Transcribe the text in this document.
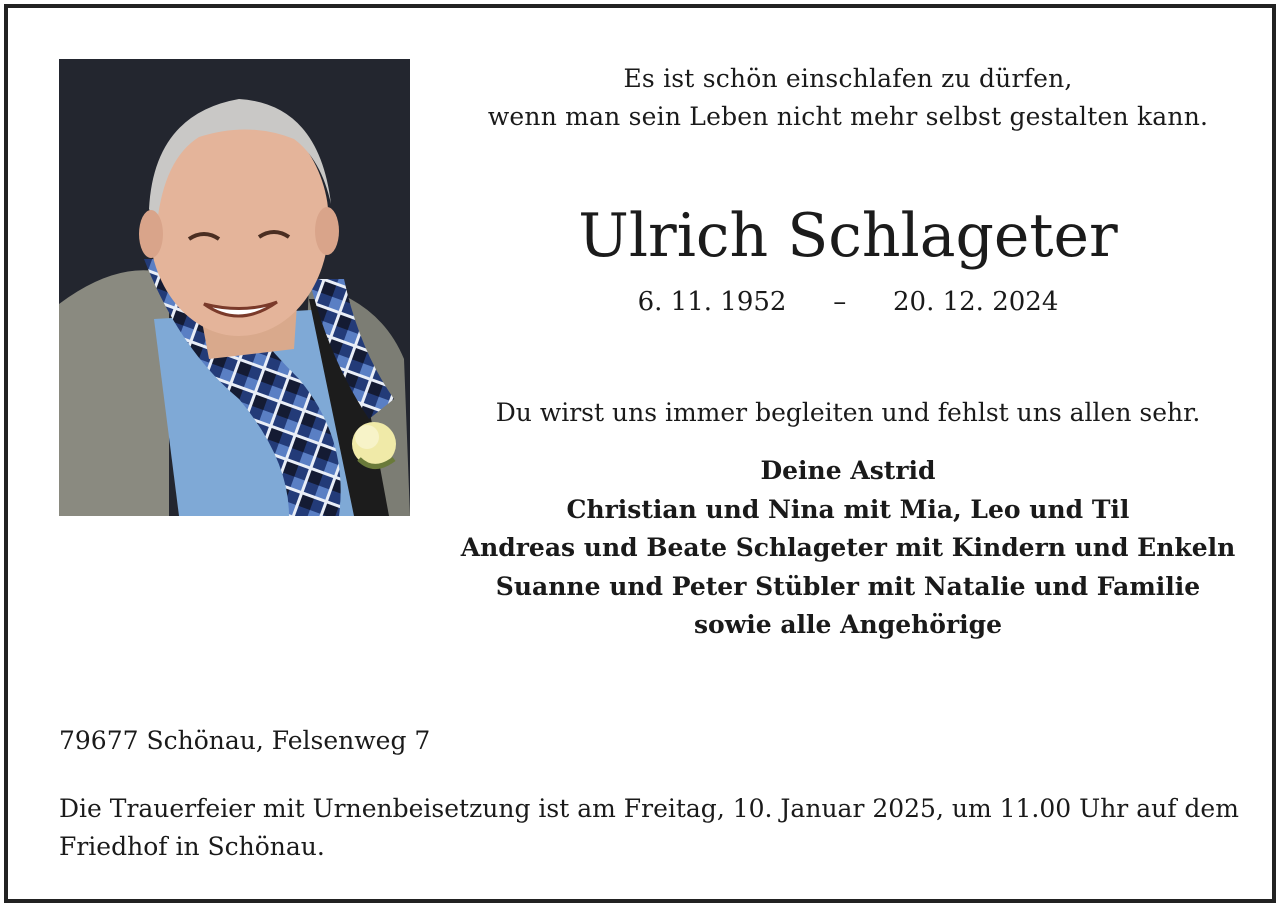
Es ist schön einschlafen zu dürfen,
wenn man sein Leben nicht mehr selbst gestalten kann.
Ulrich Schlageter
6. 11. 1952 – 20. 12. 2024
Du wirst uns immer begleiten und fehlst uns allen sehr.
Deine Astrid
Christian und Nina mit Mia, Leo und Til
Andreas und Beate Schlageter mit Kindern und Enkeln
Suanne und Peter Stübler mit Natalie und Familie
sowie alle Angehörige
79677 Schönau, Felsenweg 7
Die Trauerfeier mit Urnenbeisetzung ist am Freitag, 10. Januar 2025, um 11.00 Uhr auf dem
Friedhof in Schönau.
